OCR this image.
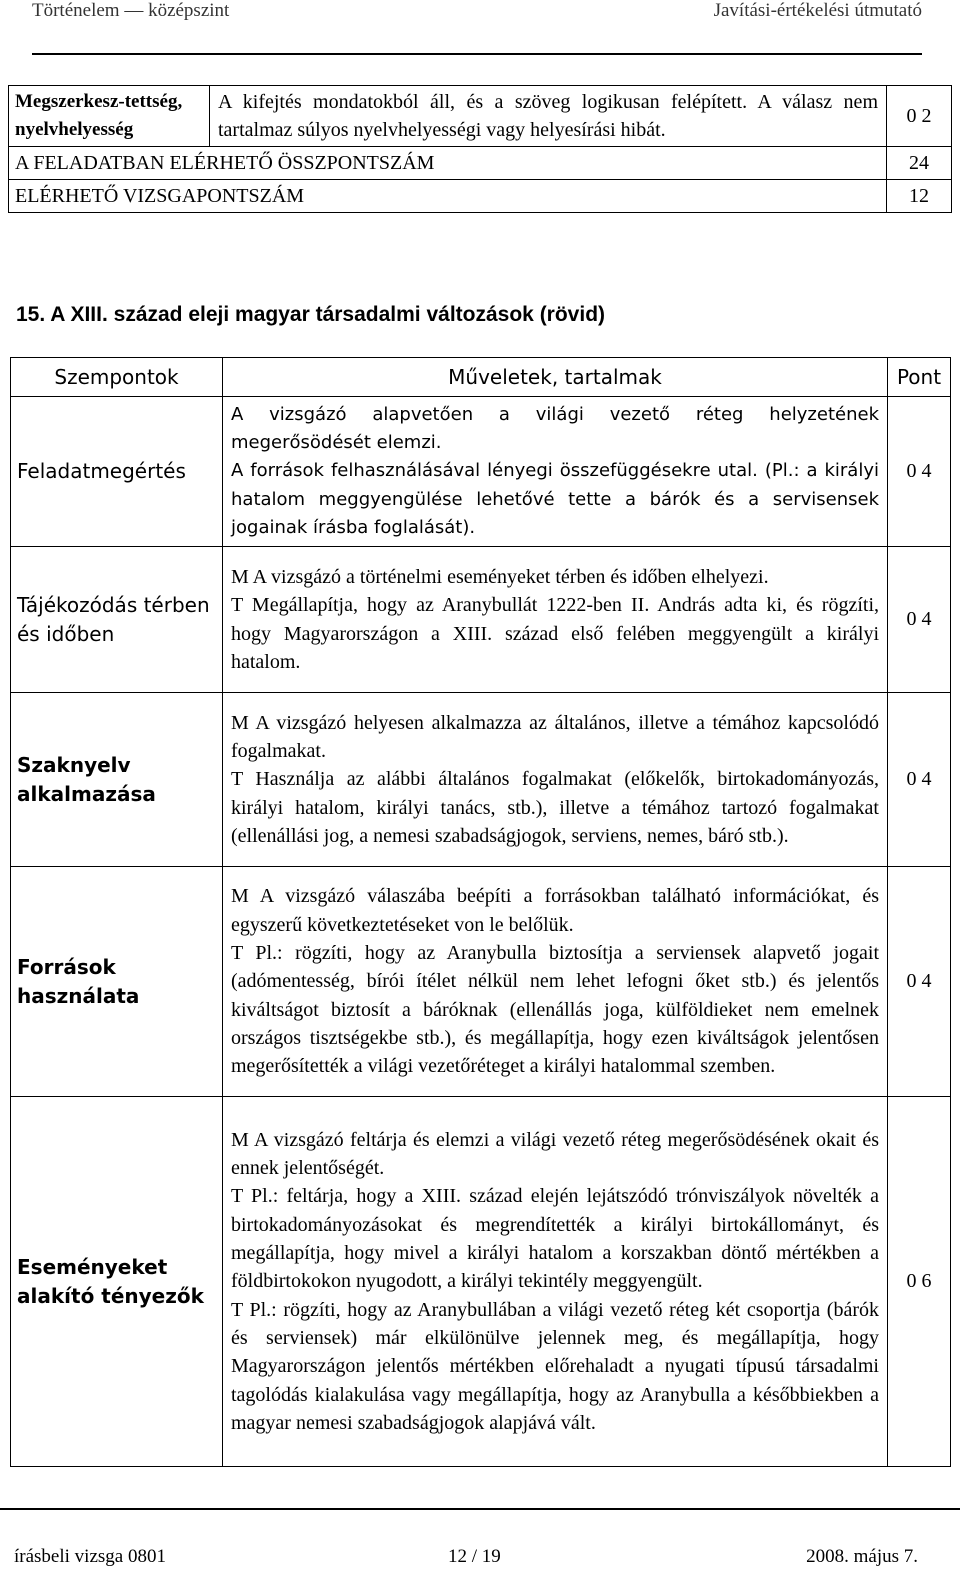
Történelem — középszint	Javítási-értékelési útmutató
Megszerkesz-tettség, nyelvhelyesség	A kifejtés mondatokból áll, és a szöveg logikusan felépített. A válasz nem tartalmaz súlyos nyelvhelyességi vagy helyesírási hibát.	0 2
A FELADATBAN ELÉRHETŐ ÖSSZPONTSZÁM		24
ELÉRHETŐ VIZSGAPONTSZÁM		12
15. A XIII. század eleji magyar társadalmi változások (rövid)
Szempontok	Műveletek, tartalmak	Pont
Feladatmegértés	A vizsgázó alapvetően a világi vezető réteg helyzetének megerősödését elemzi.
A források felhasználásával lényegi összefüggésekre utal. (Pl.: a királyi hatalom meggyengülése lehetővé tette a bárók és a servisensek jogainak írásba foglalását).	0 4
Tájékozódás térben és időben	M A vizsgázó a történelmi eseményeket térben és időben elhelyezi.
T Megállapítja, hogy az Aranybullát 1222-ben II. András adta ki, és rögzíti, hogy Magyarországon a XIII. század első felében meggyengült a királyi hatalom.	0 4
Szaknyelv alkalmazása	M A vizsgázó helyesen alkalmazza az általános, illetve a témához kapcsolódó fogalmakat.
T Használja az alábbi általános fogalmakat (előkelők, birtokadományozás, királyi hatalom, királyi tanács, stb.), illetve a témához tartozó fogalmakat (ellenállási jog, a nemesi szabadságjogok, serviens, nemes, báró stb.).	0 4
Források használata	M A vizsgázó válaszába beépíti a forrásokban található információkat, és egyszerű következtetéseket von le belőlük.
T Pl.: rögzíti, hogy az Aranybulla biztosítja a serviensek alapvető jogait (adómentesség, bírói ítélet nélkül nem lehet lefogni őket stb.) és jelentős kiváltságot biztosít a báróknak (ellenállás joga, külföldieket nem emelnek országos tisztségekbe stb.), és megállapítja, hogy ezen kiváltságok jelentősen megerősítették a világi vezetőréteget a királyi hatalommal szemben.	0 4
Eseményeket alakító tényezők	M A vizsgázó feltárja és elemzi a világi vezető réteg megerősödésének okait és ennek jelentőségét.
T Pl.: feltárja, hogy a XIII. század elején lejátszódó trónviszályok növelték a birtokadományozásokat és megrendítették a királyi birtokállományt, és megállapítja, hogy mivel a királyi hatalom a korszakban döntő mértékben a földbirtokokon nyugodott, a királyi tekintély meggyengült.
T Pl.: rögzíti, hogy az Aranybullában a világi vezető réteg két csoportja (bárók és serviensek) már elkülönülve jelennek meg, és megállapítja, hogy Magyarországon jelentős mértékben előrehaladt a nyugati típusú társadalmi tagolódás kialakulása vagy megállapítja, hogy az Aranybulla a későbbiekben a magyar nemesi szabadságjogok alapjává vált.	0 6
írásbeli vizsga 0801	12 / 19	2008. május 7.
